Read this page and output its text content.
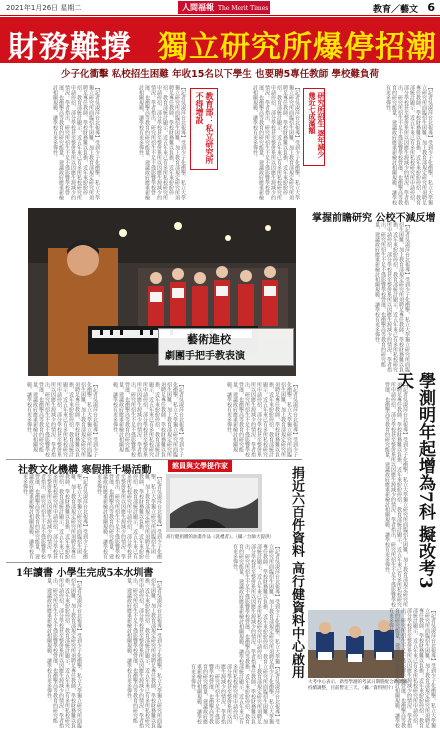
2021年1月26日 星期二	人間福報 The Merit Times	教育／藝文 6
財務難撐 獨立研究所爆停招潮
少子化衝擊 私校招生困難 年收15名以下學生 也要聘5專任教師 學校難負荷

【記者吳淑萍台北報導】受到少子化衝擊，私立大學獨立研究所面臨招生困難，加上教育部規定研究所須聘足專任教師，學校財務難以負擔，近年來紛紛停招。教育部統計顯示，近五年來已有多所私校研究所申請停招，部分學校甚至整併系所以因應生源減少的情況。學者指出，研究所招生不足不僅影響學校營運，也衝擊高等教育的研究能量，建議政府應重新檢討相關規範，讓學校有更多彈性。	【記者吳淑萍台北報導】受到少子化衝擊，私立大學獨立研究所面臨招生困難，加上教育部規定研究所須聘足專任教師，學校財務難以負擔，近年來紛紛停招。教育部統計顯示，近五年來已有多所私校研究所申請停招，部分學校甚至整併系所以因應生源減少的情況。學者指出，研究所招生不足不僅影響學校營運，也衝擊高等教育的研究能量，建議政府應重新檢討相關規範，讓學校有更多彈性。	教育部：私立研究所不得增設	【記者吳淑萍台北報導】受到少子化衝擊，私立大學獨立研究所面臨招生困難，加上教育部規定研究所須聘足專任教師，學校財務難以負擔，近年來紛紛停招。教育部統計顯示，近五年來已有多所私校研究所申請停招，部分學校甚至整併系所以因應生源減少的情況。學者指出，研究所招生不足不僅影響學校營運，也衝擊高等教育的研究能量，建議政府應重新檢討相關規範，讓學校有更多彈性。	研究所招生 逐年減少 幾近七成滿額	【記者吳淑萍台北報導】受到少子化衝擊，私立大學獨立研究所面臨招生困難，加上教育部規定研究所須聘足專任教師，學校財務難以負擔，近年來紛紛停招。教育部統計顯示，近五年來已有多所私校研究所申請停招，部分學校甚至整併系所以因應生源減少的情況。學者指出，研究所招生不足不僅影響學校營運，也衝擊高等教育的研究能量，建議政府應重新檢討相關規範，讓學校有更多彈性。

掌握前瞻研究 公校不減反增
藝術進校
劇團手把手教表演	【記者吳淑萍台北報導】受到少子化衝擊，私立大學獨立研究所面臨招生困難，加上教育部規定研究所須聘足專任教師，學校財務難以負擔，近年來紛紛停招。教育部統計顯示，近五年來已有多所私校研究所申請停招，部分學校甚至整併系所以因應生源減少的情況。學者指出，研究所招生不足不僅影響學校營運，也衝擊高等教育的研究能量，建議政府應重新檢討相關規範，讓學校有更多彈性。

學測明年起增為7科 擬改考3天

【記者吳淑萍台北報導】受到少子化衝擊，私立大學獨立研究所面臨招生困難，加上教育部規定研究所須聘足專任教師，學校財務難以負擔，近年來紛紛停招。教育部統計顯示，近五年來已有多所私校研究所申請停招，部分學校甚至整併系所以因應生源減少的情況。學者指出，研究所招生不足不僅影響學校營運，也衝擊高等教育的研究能量，建議政府應重新檢討相關規範，讓學校有更多彈性。	【記者吳淑萍台北報導】受到少子化衝擊，私立大學獨立研究所面臨招生困難，加上教育部規定研究所須聘足專任教師，學校財務難以負擔，近年來紛紛停招。教育部統計顯示，近五年來已有多所私校研究所申請停招，部分學校甚至整併系所以因應生源減少的情況。學者指出，研究所招生不足不僅影響學校營運，也衝擊高等教育的研究能量，建議政府應重新檢討相關規範，讓學校有更多彈性。	【記者吳淑萍台北報導】受到少子化衝擊，私立大學獨立研究所面臨招生困難，加上教育部規定研究所須聘足專任教師，學校財務難以負擔，近年來紛紛停招。教育部統計顯示，近五年來已有多所私校研究所申請停招，部分學校甚至整併系所以因應生源減少的情況。學者指出，研究所招生不足不僅影響學校營運，也衝擊高等教育的研究能量，建議政府應重新檢討相關規範，讓學校有更多彈性。	【記者吳淑萍台北報導】受到少子化衝擊，私立大學獨立研究所面臨招生困難，加上教育部規定研究所須聘足專任教師，學校財務難以負擔，近年來紛紛停招。教育部統計顯示，近五年來已有多所私校研究所申請停招，部分學校甚至整併系所以因應生源減少的情況。學者指出，研究所招生不足不僅影響學校營運，也衝擊高等教育的研究能量，建議政府應重新檢討相關規範，讓學校有更多彈性。

社教文化機構 寒假推千場活動	館員與文學提作家
高行健捐贈的油畫作品《洗禮者》。（攝／台師大提供）	捐近六百件資料 高行健資料中心啟用

【記者吳淑萍台北報導】受到少子化衝擊，私立大學獨立研究所面臨招生困難，加上教育部規定研究所須聘足專任教師，學校財務難以負擔，近年來紛紛停招。教育部統計顯示，近五年來已有多所私校研究所申請停招，部分學校甚至整併系所以因應生源減少的情況。學者指出，研究所招生不足不僅影響學校營運，也衝擊高等教育的研究能量，建議政府應重新檢討相關規範，讓學校有更多彈性。	【記者吳淑萍台北報導】受到少子化衝擊，私立大學獨立研究所面臨招生困難，加上教育部規定研究所須聘足專任教師，學校財務難以負擔，近年來紛紛停招。教育部統計顯示，近五年來已有多所私校研究所申請停招，部分學校甚至整併系所以因應生源減少的情況。學者指出，研究所招生不足不僅影響學校營運，也衝擊高等教育的研究能量，建議政府應重新檢討相關規範，讓學校有更多彈性。

【記者吳淑萍台北報導】受到少子化衝擊，私立大學獨立研究所面臨招生困難，加上教育部規定研究所須聘足專任教師，學校財務難以負擔，近年來紛紛停招。教育部統計顯示，近五年來已有多所私校研究所申請停招，部分學校甚至整併系所以因應生源減少的情況。學者指出，研究所招生不足不僅影響學校營運，也衝擊高等教育的研究能量，建議政府應重新檢討相關規範，讓學校有更多彈性。

1年讀書 小學生完成5本水圳書

【記者吳淑萍台北報導】受到少子化衝擊，私立大學獨立研究所面臨招生困難，加上教育部規定研究所須聘足專任教師，學校財務難以負擔，近年來紛紛停招。教育部統計顯示，近五年來已有多所私校研究所申請停招，部分學校甚至整併系所以因應生源減少的情況。學者指出，研究所招生不足不僅影響學校營運，也衝擊高等教育的研究能量，建議政府應重新檢討相關規範，讓學校有更多彈性。	【記者吳淑萍台北報導】受到少子化衝擊，私立大學獨立研究所面臨招生困難，加上教育部規定研究所須聘足專任教師，學校財務難以負擔，近年來紛紛停招。教育部統計顯示，近五年來已有多所私校研究所申請停招，部分學校甚至整併系所以因應生源減少的情況。學者指出，研究所招生不足不僅影響學校營運，也衝擊高等教育的研究能量，建議政府應重新檢討相關規範，讓學校有更多彈性。	【記者吳淑萍台北報導】受到少子化衝擊，私立大學獨立研究所面臨招生困難，加上教育部規定研究所須聘足專任教師，學校財務難以負擔，近年來紛紛停招。教育部統計顯示，近五年來已有多所私校研究所申請停招，部分學校甚至整併系所以因應生源減少的情況。學者指出，研究所招生不足不僅影響學校營運，也衝擊高等教育的研究能量，建議政府應重新檢討相關規範，讓學校有更多彈性。	大考中心表示，新型學測的考試日期將配合新課綱持續調整，目前暫定三天。（攝／資料照片）	【記者吳淑萍台北報導】受到少子化衝擊，私立大學獨立研究所面臨招生困難，加上教育部規定研究所須聘足專任教師，學校財務難以負擔，近年來紛紛停招。教育部統計顯示，近五年來已有多所私校研究所申請停招，部分學校甚至整併系所以因應生源減少的情況。學者指出，研究所招生不足不僅影響學校營運，也衝擊高等教育的研究能量，建議政府應重新檢討相關規範，讓學校有更多彈性。
